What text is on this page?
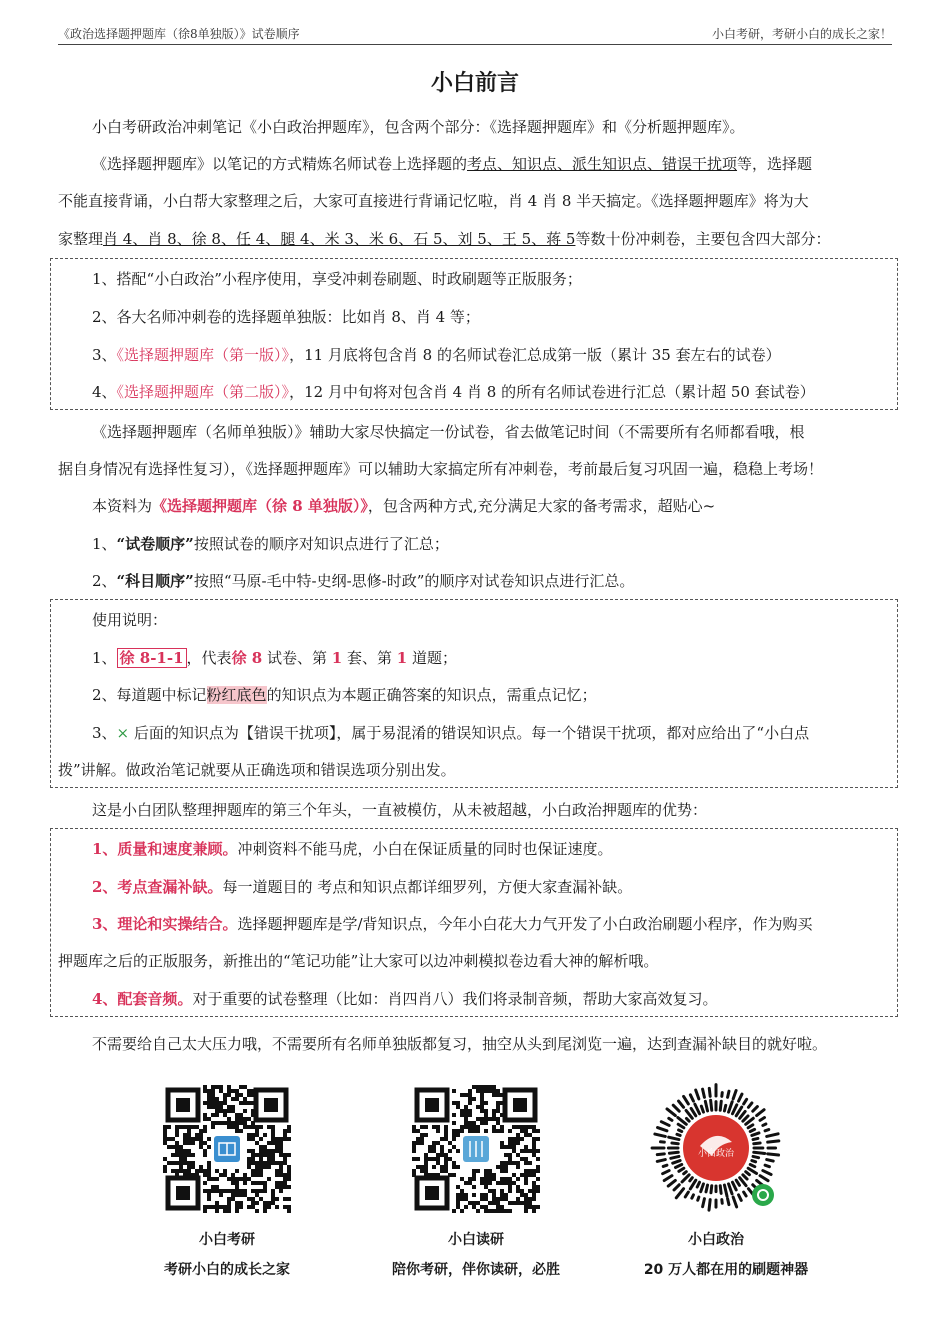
《政治选择题押题库（徐8单独版）》试卷顺序	小白考研，考研小白的成长之家！
小白前言
小白考研政治冲刺笔记《小白政治押题库》，包含两个部分：《选择题押题库》和《分析题押题库》。
《选择题押题库》以笔记的方式精炼名师试卷上选择题的考点、知识点、派生知识点、错误干扰项等，选择题
不能直接背诵，小白帮大家整理之后，大家可直接进行背诵记忆啦，肖 4 肖 8 半天搞定。《选择题押题库》将为大
家整理肖 4、肖 8、徐 8、任 4、腿 4、米 3、米 6、石 5、刘 5、王 5、蒋 5等数十份冲刺卷，主要包含四大部分：
1、搭配“小白政治”小程序使用，享受冲刺卷刷题、时政刷题等正版服务；
2、各大名师冲刺卷的选择题单独版：比如肖 8、肖 4 等；
3、《选择题押题库（第一版）》，11 月底将包含肖 8 的名师试卷汇总成第一版（累计 35 套左右的试卷）
4、《选择题押题库（第二版）》，12 月中旬将对包含肖 4 肖 8 的所有名师试卷进行汇总（累计超 50 套试卷）
《选择题押题库（名师单独版）》辅助大家尽快搞定一份试卷，省去做笔记时间（不需要所有名师都看哦，根
据自身情况有选择性复习），《选择题押题库》可以辅助大家搞定所有冲刺卷，考前最后复习巩固一遍，稳稳上考场！
本资料为《选择题押题库（徐 8 单独版）》，包含两种方式,充分满足大家的备考需求，超贴心~
1、“试卷顺序”按照试卷的顺序对知识点进行了汇总；
2、“科目顺序”按照“马原-毛中特-史纲-思修-时政”的顺序对试卷知识点进行汇总。
使用说明：
1、 徐 8-1-1 ，代表徐 8 试卷、第 1 套、第 1 道题；
2、每道题中标记粉红底色的知识点为本题正确答案的知识点，需重点记忆；
3、× 后面的知识点为【错误干扰项】，属于易混淆的错误知识点。每一个错误干扰项，都对应给出了“小白点
拨”讲解。做政治笔记就要从正确选项和错误选项分别出发。
这是小白团队整理押题库的第三个年头，一直被模仿，从未被超越，小白政治押题库的优势：
1、质量和速度兼顾。冲刺资料不能马虎，小白在保证质量的同时也保证速度。
2、考点查漏补缺。每一道题目的 考点和知识点都详细罗列，方便大家查漏补缺。
3、理论和实操结合。选择题押题库是学/背知识点，今年小白花大力气开发了小白政治刷题小程序，作为购买
押题库之后的正版服务，新推出的“笔记功能”让大家可以边冲刺模拟卷边看大神的解析哦。
4、配套音频。对于重要的试卷整理（比如：肖四肖八）我们将录制音频，帮助大家高效复习。
不需要给自己太大压力哦，不需要所有名师单独版都复习，抽空从头到尾浏览一遍，达到查漏补缺目的就好啦。
小白政治
小白考研
考研小白的成长之家
小白读研
陪你考研，伴你读研，必胜
小白政治
20 万人都在用的刷题神器
